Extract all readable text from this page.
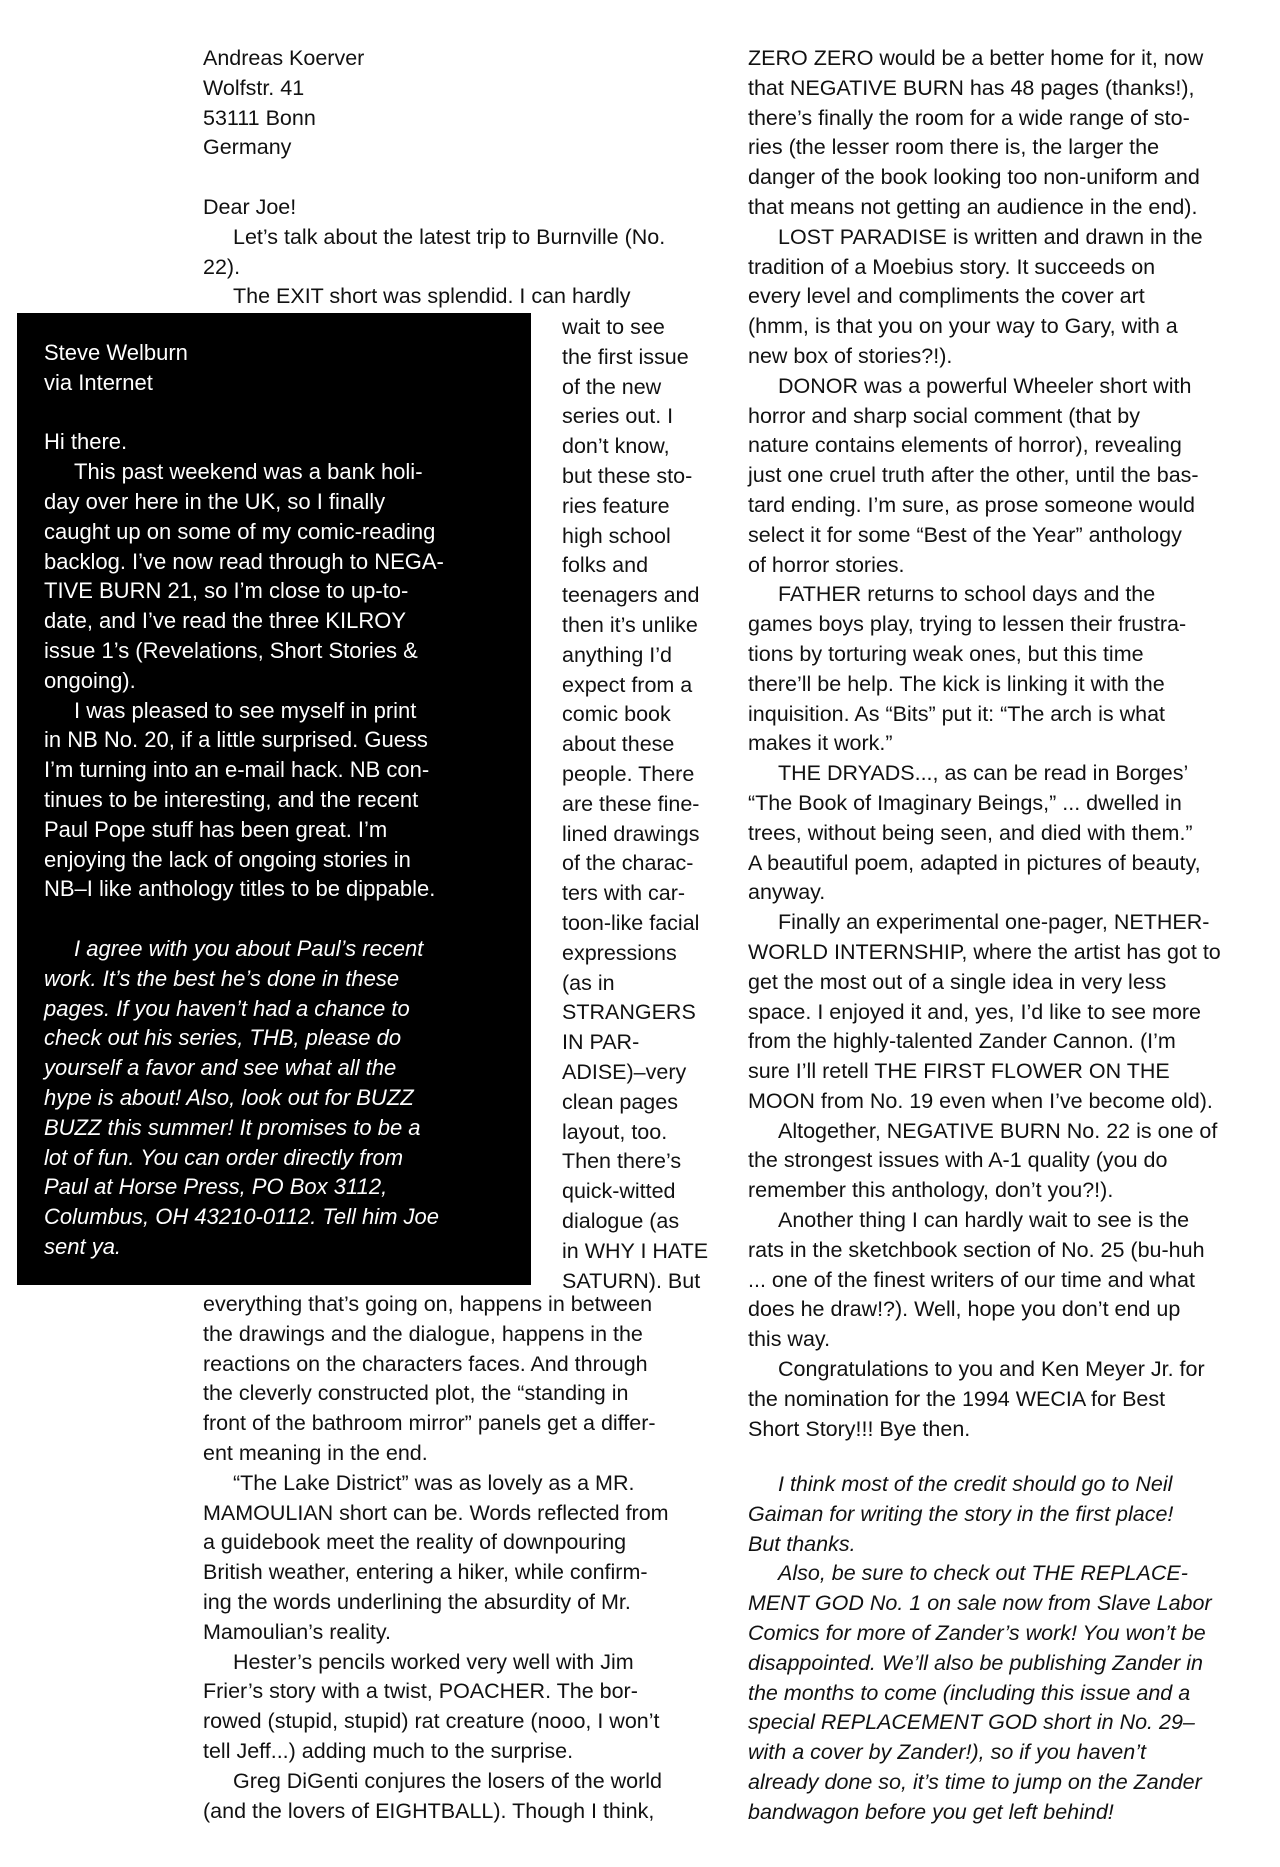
Andreas Koerver
Wolfstr. 41
53111 Bonn
Germany
Dear Joe!
Let’s talk about the latest trip to Burnville (No.
22).
The EXIT short was splendid. I can hardly
wait to see
the first issue
of the new
series out. I
don’t know,
but these sto-
ries feature
high school
folks and
teenagers and
then it’s unlike
anything I’d
expect from a
comic book
about these
people. There
are these fine-
lined drawings
of the charac-
ters with car-
toon-like facial
expressions
(as in
STRANGERS
IN PAR-
ADISE)–very
clean pages
layout, too.
Then there’s
quick-witted
dialogue (as
in WHY I HATE
SATURN). But
Steve Welburn
via Internet
Hi there.
This past weekend was a bank holi-
day over here in the UK, so I finally
caught up on some of my comic-reading
backlog. I’ve now read through to NEGA-
TIVE BURN 21, so I’m close to up-to-
date, and I’ve read the three KILROY
issue 1’s (Revelations, Short Stories &
ongoing).
I was pleased to see myself in print
in NB No. 20, if a little surprised. Guess
I’m turning into an e-mail hack. NB con-
tinues to be interesting, and the recent
Paul Pope stuff has been great. I’m
enjoying the lack of ongoing stories in
NB–I like anthology titles to be dippable.
I agree with you about Paul’s recent
work. It’s the best he’s done in these
pages. If you haven’t had a chance to
check out his series, THB, please do
yourself a favor and see what all the
hype is about! Also, look out for BUZZ
BUZZ this summer! It promises to be a
lot of fun. You can order directly from
Paul at Horse Press, PO Box 3112,
Columbus, OH 43210-0112. Tell him Joe
sent ya.
everything that’s going on, happens in between
the drawings and the dialogue, happens in the
reactions on the characters faces. And through
the cleverly constructed plot, the “standing in
front of the bathroom mirror” panels get a differ-
ent meaning in the end.
“The Lake District” was as lovely as a MR.
MAMOULIAN short can be. Words reflected from
a guidebook meet the reality of downpouring
British weather, entering a hiker, while confirm-
ing the words underlining the absurdity of Mr.
Mamoulian’s reality.
Hester’s pencils worked very well with Jim
Frier’s story with a twist, POACHER. The bor-
rowed (stupid, stupid) rat creature (nooo, I won’t
tell Jeff...) adding much to the surprise.
Greg DiGenti conjures the losers of the world
(and the lovers of EIGHTBALL). Though I think,
ZERO ZERO would be a better home for it, now
that NEGATIVE BURN has 48 pages (thanks!),
there’s finally the room for a wide range of sto-
ries (the lesser room there is, the larger the
danger of the book looking too non-uniform and
that means not getting an audience in the end).
LOST PARADISE is written and drawn in the
tradition of a Moebius story. It succeeds on
every level and compliments the cover art
(hmm, is that you on your way to Gary, with a
new box of stories?!).
DONOR was a powerful Wheeler short with
horror and sharp social comment (that by
nature contains elements of horror), revealing
just one cruel truth after the other, until the bas-
tard ending. I’m sure, as prose someone would
select it for some “Best of the Year” anthology
of horror stories.
FATHER returns to school days and the
games boys play, trying to lessen their frustra-
tions by torturing weak ones, but this time
there’ll be help. The kick is linking it with the
inquisition. As “Bits” put it: “The arch is what
makes it work.”
THE DRYADS..., as can be read in Borges’
“The Book of Imaginary Beings,” ... dwelled in
trees, without being seen, and died with them.”
A beautiful poem, adapted in pictures of beauty,
anyway.
Finally an experimental one-pager, NETHER-
WORLD INTERNSHIP, where the artist has got to
get the most out of a single idea in very less
space. I enjoyed it and, yes, I’d like to see more
from the highly-talented Zander Cannon. (I’m
sure I’ll retell THE FIRST FLOWER ON THE
MOON from No. 19 even when I’ve become old).
Altogether, NEGATIVE BURN No. 22 is one of
the strongest issues with A-1 quality (you do
remember this anthology, don’t you?!).
Another thing I can hardly wait to see is the
rats in the sketchbook section of No. 25 (bu-huh
... one of the finest writers of our time and what
does he draw!?). Well, hope you don’t end up
this way.
Congratulations to you and Ken Meyer Jr. for
the nomination for the 1994 WECIA for Best
Short Story!!! Bye then.
I think most of the credit should go to Neil
Gaiman for writing the story in the first place!
But thanks.
Also, be sure to check out THE REPLACE-
MENT GOD No. 1 on sale now from Slave Labor
Comics for more of Zander’s work! You won’t be
disappointed. We’ll also be publishing Zander in
the months to come (including this issue and a
special REPLACEMENT GOD short in No. 29–
with a cover by Zander!), so if you haven’t
already done so, it’s time to jump on the Zander
bandwagon before you get left behind!
